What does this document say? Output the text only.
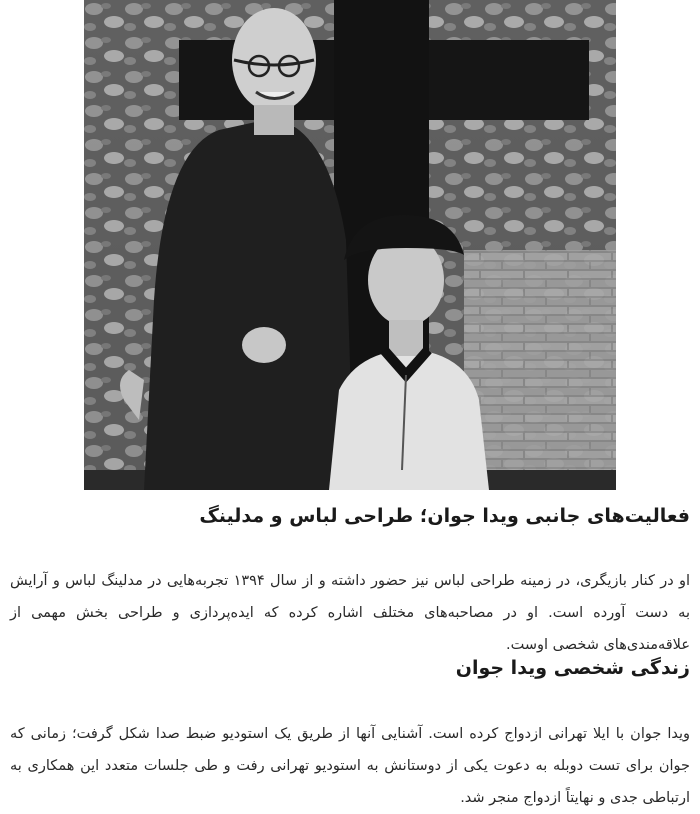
فعالیت‌های جانبی ویدا جوان؛ طراحی لباس و مدلینگ

او در کنار بازیگری، در زمینه طراحی لباس نیز حضور داشته و از سال ۱۳۹۴ تجربه‌هایی در مدلینگ لباس و آرایش به دست آورده است. او در مصاحبه‌های مختلف اشاره کرده که ایده‌پردازی و طراحی بخش مهمی از علاقه‌مندی‌های شخصی اوست.

زندگی شخصی ویدا جوان

ویدا جوان با ایلا تهرانی ازدواج کرده است. آشنایی آنها از طریق یک استودیو ضبط صدا شکل گرفت؛ زمانی که جوان برای تست دوبله به دعوت یکی از دوستانش به استودیو تهرانی رفت و طی جلسات متعدد این همکاری به ارتباطی جدی و نهایتاً ازدواج منجر شد.
